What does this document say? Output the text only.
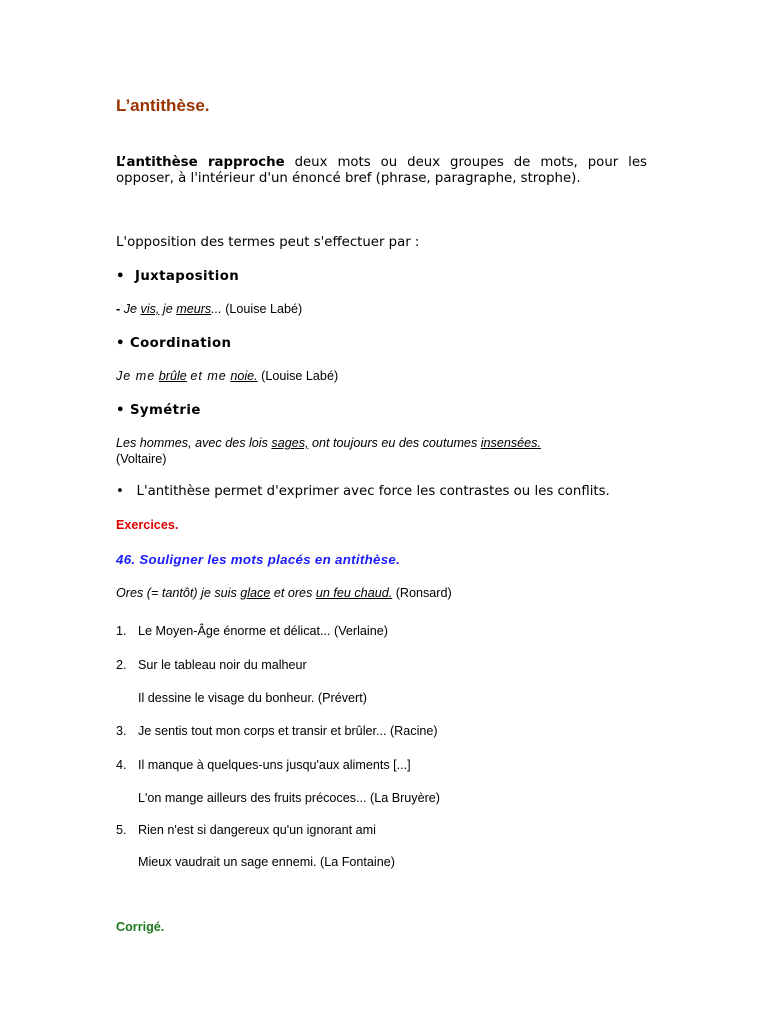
L’antithèse.
L’antithèse rapproche deux mots ou deux groupes de mots, pour les
opposer, à l'intérieur d'un énoncé bref (phrase, paragraphe, strophe).
L'opposition des termes peut s'effectuer par :
• Juxtaposition
- Je vis, je meurs... (Louise Labé)
• Coordination
Je me brûle et me noie. (Louise Labé)
• Symétrie
Les hommes, avec des lois sages, ont toujours eu des coutumes insensées.
(Voltaire)
• L'antithèse permet d'exprimer avec force les contrastes ou les conflits.
Exercices.
46. Souligner les mots placés en antithèse.
Ores (= tantôt) je suis glace et ores un feu chaud. (Ronsard)
1. Le Moyen-Âge énorme et délicat... (Verlaine)
2. Sur le tableau noir du malheur
Il dessine le visage du bonheur. (Prévert)
3. Je sentis tout mon corps et transir et brûler... (Racine)
4. Il manque à quelques-uns jusqu'aux aliments [...]
L'on mange ailleurs des fruits précoces... (La Bruyère)
5. Rien n'est si dangereux qu'un ignorant ami
Mieux vaudrait un sage ennemi. (La Fontaine)
Corrigé.
